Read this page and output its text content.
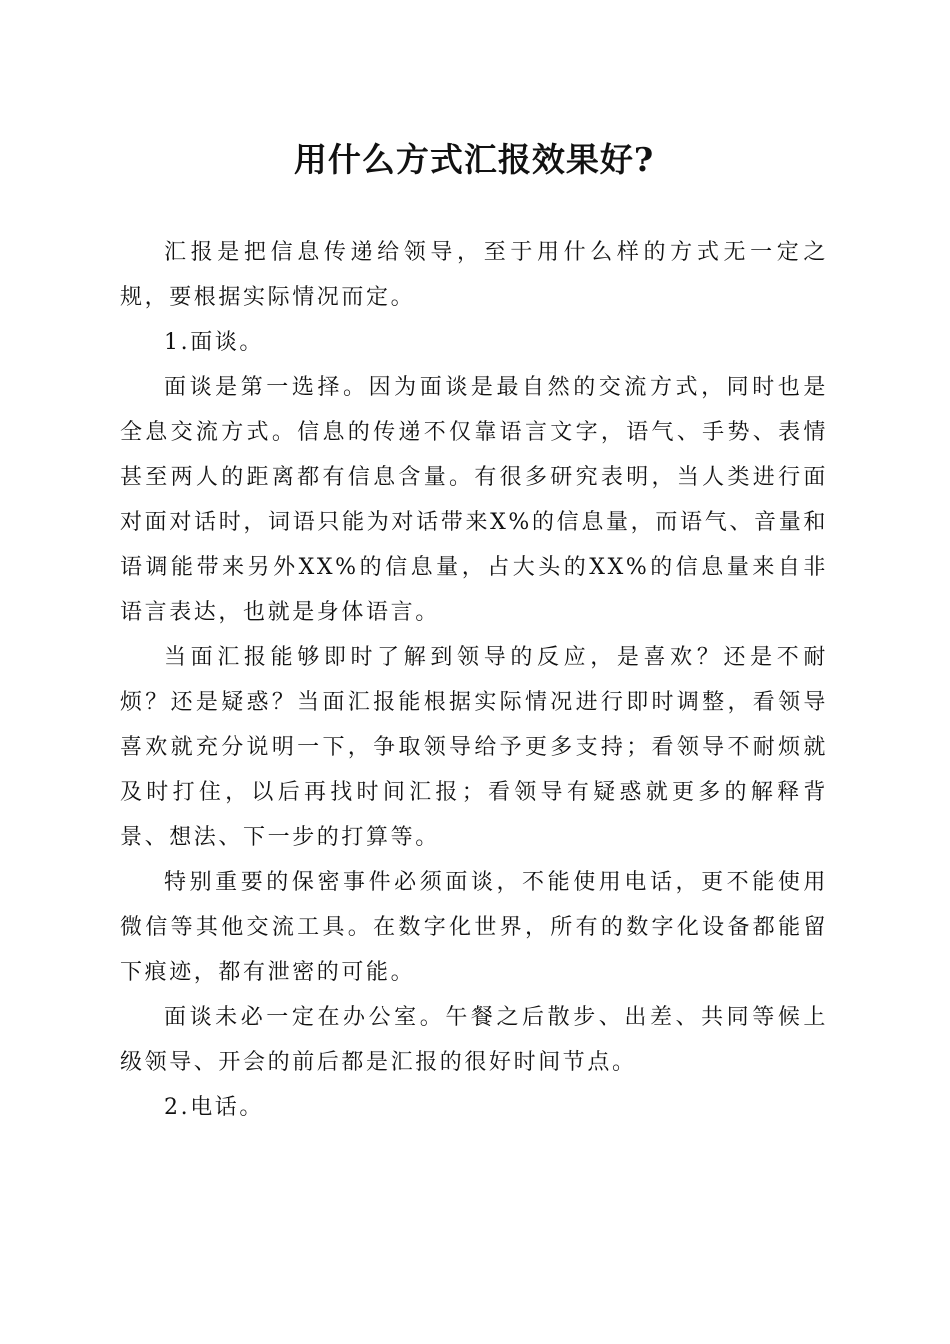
用什么方式汇报效果好?

汇报是把信息传递给领导，至于用什么样的方式无一定之规，要根据实际情况而定。

1.面谈。

面谈是第一选择。因为面谈是最自然的交流方式，同时也是全息交流方式。信息的传递不仅靠语言文字，语气、手势、表情甚至两人的距离都有信息含量。有很多研究表明，当人类进行面对面对话时，词语只能为对话带来X%的信息量，而语气、音量和语调能带来另外XX%的信息量，占大头的XX%的信息量来自非语言表达，也就是身体语言。

当面汇报能够即时了解到领导的反应，是喜欢？还是不耐烦？还是疑惑？当面汇报能根据实际情况进行即时调整，看领导喜欢就充分说明一下，争取领导给予更多支持；看领导不耐烦就及时打住，以后再找时间汇报；看领导有疑惑就更多的解释背景、想法、下一步的打算等。

特别重要的保密事件必须面谈，不能使用电话，更不能使用微信等其他交流工具。在数字化世界，所有的数字化设备都能留下痕迹，都有泄密的可能。

面谈未必一定在办公室。午餐之后散步、出差、共同等候上级领导、开会的前后都是汇报的很好时间节点。

2.电话。
